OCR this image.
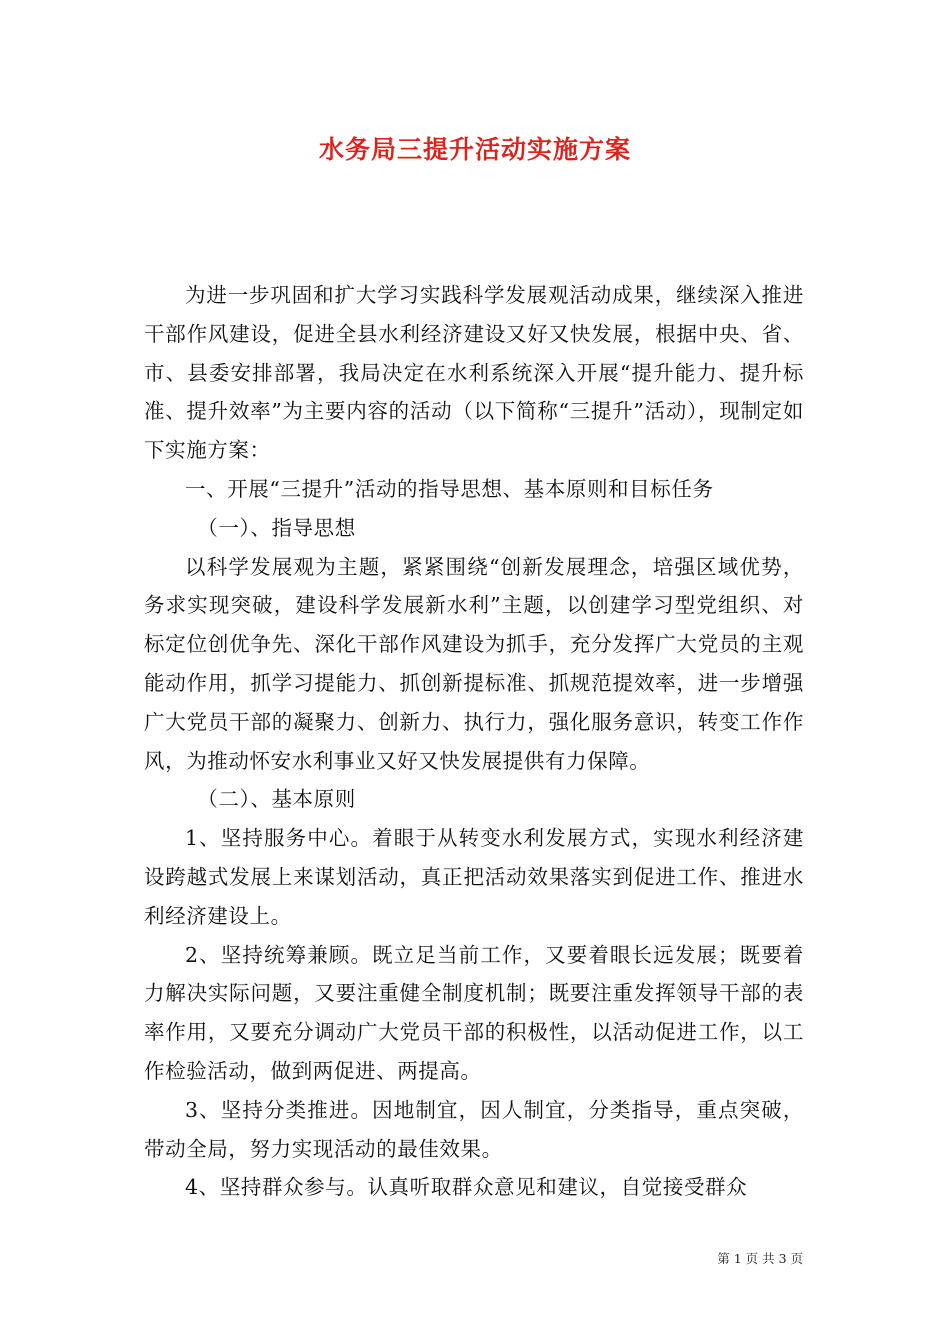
水务局三提升活动实施方案

为进一步巩固和扩大学习实践科学发展观活动成果，继续深入推进干部作风建设，促进全县水利经济建设又好又快发展，根据中央、省、市、县委安排部署，我局决定在水利系统深入开展“提升能力、提升标准、提升效率”为主要内容的活动（以下简称“三提升”活动），现制定如下实施方案：

一、开展“三提升”活动的指导思想、基本原则和目标任务

（一）、指导思想

以科学发展观为主题，紧紧围绕“创新发展理念，培强区域优势，务求实现突破，建设科学发展新水利”主题，以创建学习型党组织、对标定位创优争先、深化干部作风建设为抓手，充分发挥广大党员的主观能动作用，抓学习提能力、抓创新提标准、抓规范提效率，进一步增强广大党员干部的凝聚力、创新力、执行力，强化服务意识，转变工作作风，为推动怀安水利事业又好又快发展提供有力保障。

（二）、基本原则

1、坚持服务中心。着眼于从转变水利发展方式，实现水利经济建设跨越式发展上来谋划活动，真正把活动效果落实到促进工作、推进水利经济建设上。

2、坚持统筹兼顾。既立足当前工作，又要着眼长远发展；既要着力解决实际问题，又要注重健全制度机制；既要注重发挥领导干部的表率作用，又要充分调动广大党员干部的积极性，以活动促进工作，以工作检验活动，做到两促进、两提高。

3、坚持分类推进。因地制宜，因人制宜，分类指导，重点突破，带动全局，努力实现活动的最佳效果。

4、坚持群众参与。认真听取群众意见和建议，自觉接受群众

第 1 页 共 3 页
